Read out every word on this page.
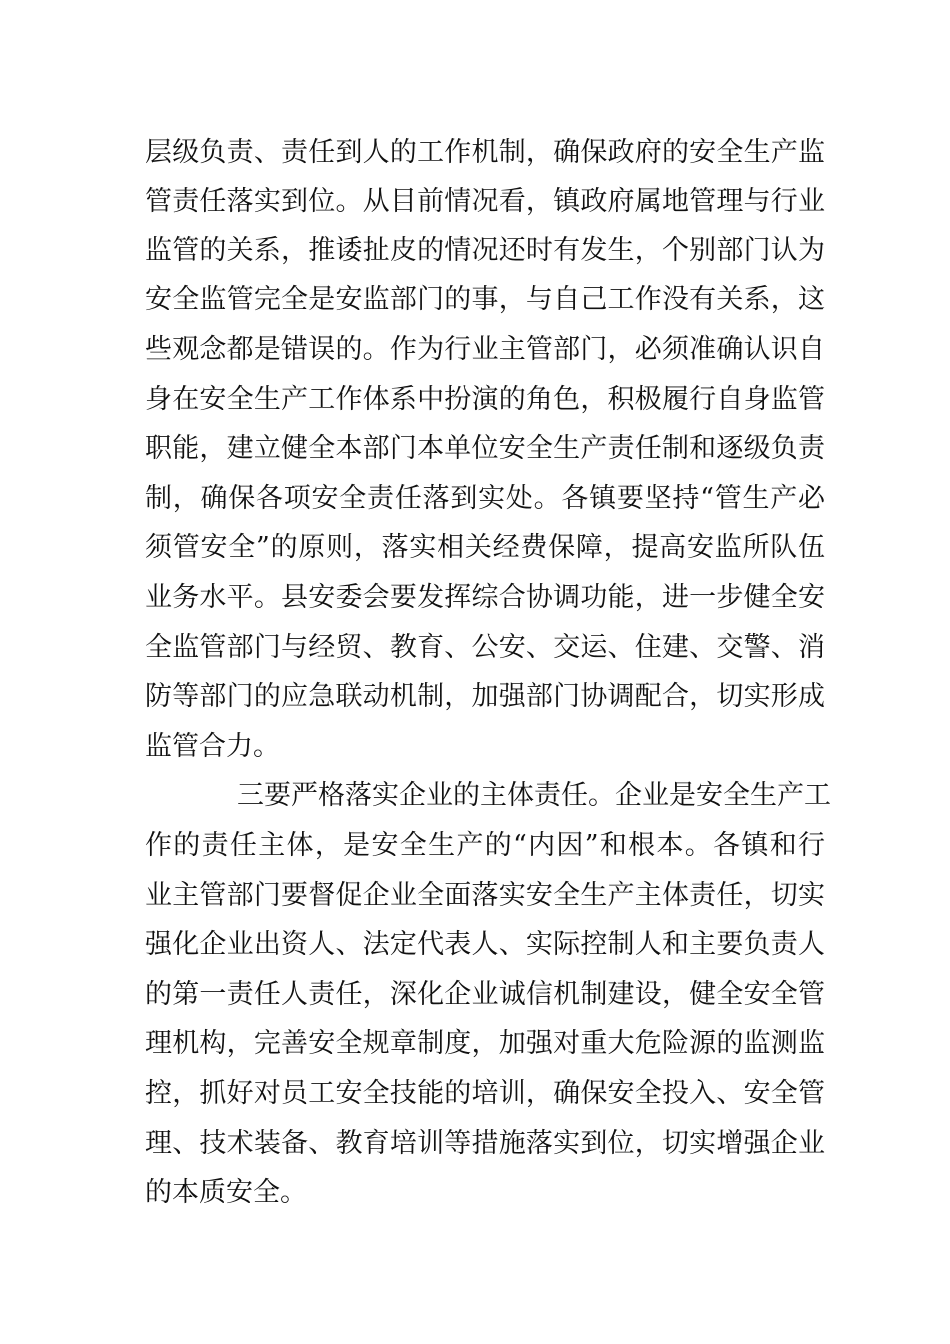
层级负责、责任到人的工作机制，确保政府的安全生产监
管责任落实到位。从目前情况看，镇政府属地管理与行业
监管的关系，推诿扯皮的情况还时有发生，个别部门认为
安全监管完全是安监部门的事，与自己工作没有关系，这
些观念都是错误的。作为行业主管部门，必须准确认识自
身在安全生产工作体系中扮演的角色，积极履行自身监管
职能，建立健全本部门本单位安全生产责任制和逐级负责
制，确保各项安全责任落到实处。各镇要坚持“管生产必
须管安全”的原则，落实相关经费保障，提高安监所队伍
业务水平。县安委会要发挥综合协调功能，进一步健全安
全监管部门与经贸、教育、公安、交运、住建、交警、消
防等部门的应急联动机制，加强部门协调配合，切实形成
监管合力。
三要严格落实企业的主体责任。企业是安全生产工
作的责任主体，是安全生产的“内因”和根本。各镇和行
业主管部门要督促企业全面落实安全生产主体责任，切实
强化企业出资人、法定代表人、实际控制人和主要负责人
的第一责任人责任，深化企业诚信机制建设，健全安全管
理机构，完善安全规章制度，加强对重大危险源的监测监
控，抓好对员工安全技能的培训，确保安全投入、安全管
理、技术装备、教育培训等措施落实到位，切实增强企业
的本质安全。
